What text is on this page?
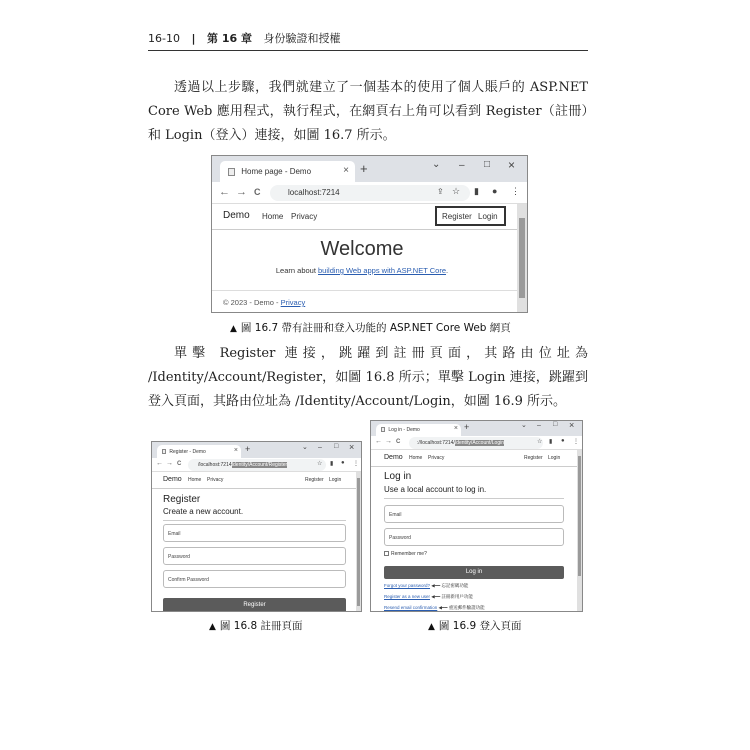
16-10 | 第 16 章 身份驗證和授權
透過以上步驟，我們就建立了一個基本的使用了個人賬戶的 ASP.NET Core Web 應用程式，執行程式，在網頁右上角可以看到 Register（註冊）和 Login（登入）連接，如圖 16.7 所示。
Home page - Demo	× +	⌄ – □ ×
← → C	localhost:7214	⇪ ☆ ▮ ● ⋮
Demo Home Privacy	Register Login
Welcome
Learn about building Web apps with ASP.NET Core.
© 2023 - Demo - Privacy
▲ 圖 16.7 帶有註冊和登入功能的 ASP.NET Core Web 網頁
單擊 Register 連接，跳躍到註冊頁面，其路由位址為 /Identity/Account/Register，如圖 16.8 所示；單擊 Login 連接，跳躍到登入頁面，其路由位址為 /Identity/Account/Login，如圖 16.9 所示。
Register - Demo	× +	⌄ – □ ×
← → C	/localhost:7214Identity/Account/Register	☆ ▮ ● ⋮
Demo Home Privacy	Register Login
Register
Create a new account.
Email
Password
Confirm Password
Register
▲ 圖 16.8 註冊頁面
Log in - Demo	× +	⌄ – □ ×
← → C	://localhost:7214/Identity/Account/Login	☆ ▮ ● ⋮
Demo Home Privacy	Register Login
Log in
Use a local account to log in.
Email
Password
Remember me?
Log in
Forgot your password? ◀━━ 忘記密碼功能
Register as a new user ◀━━ 註冊新用戶功能
Resend email confirmation ◀━━ 重送郵件驗證功能
▲ 圖 16.9 登入頁面
